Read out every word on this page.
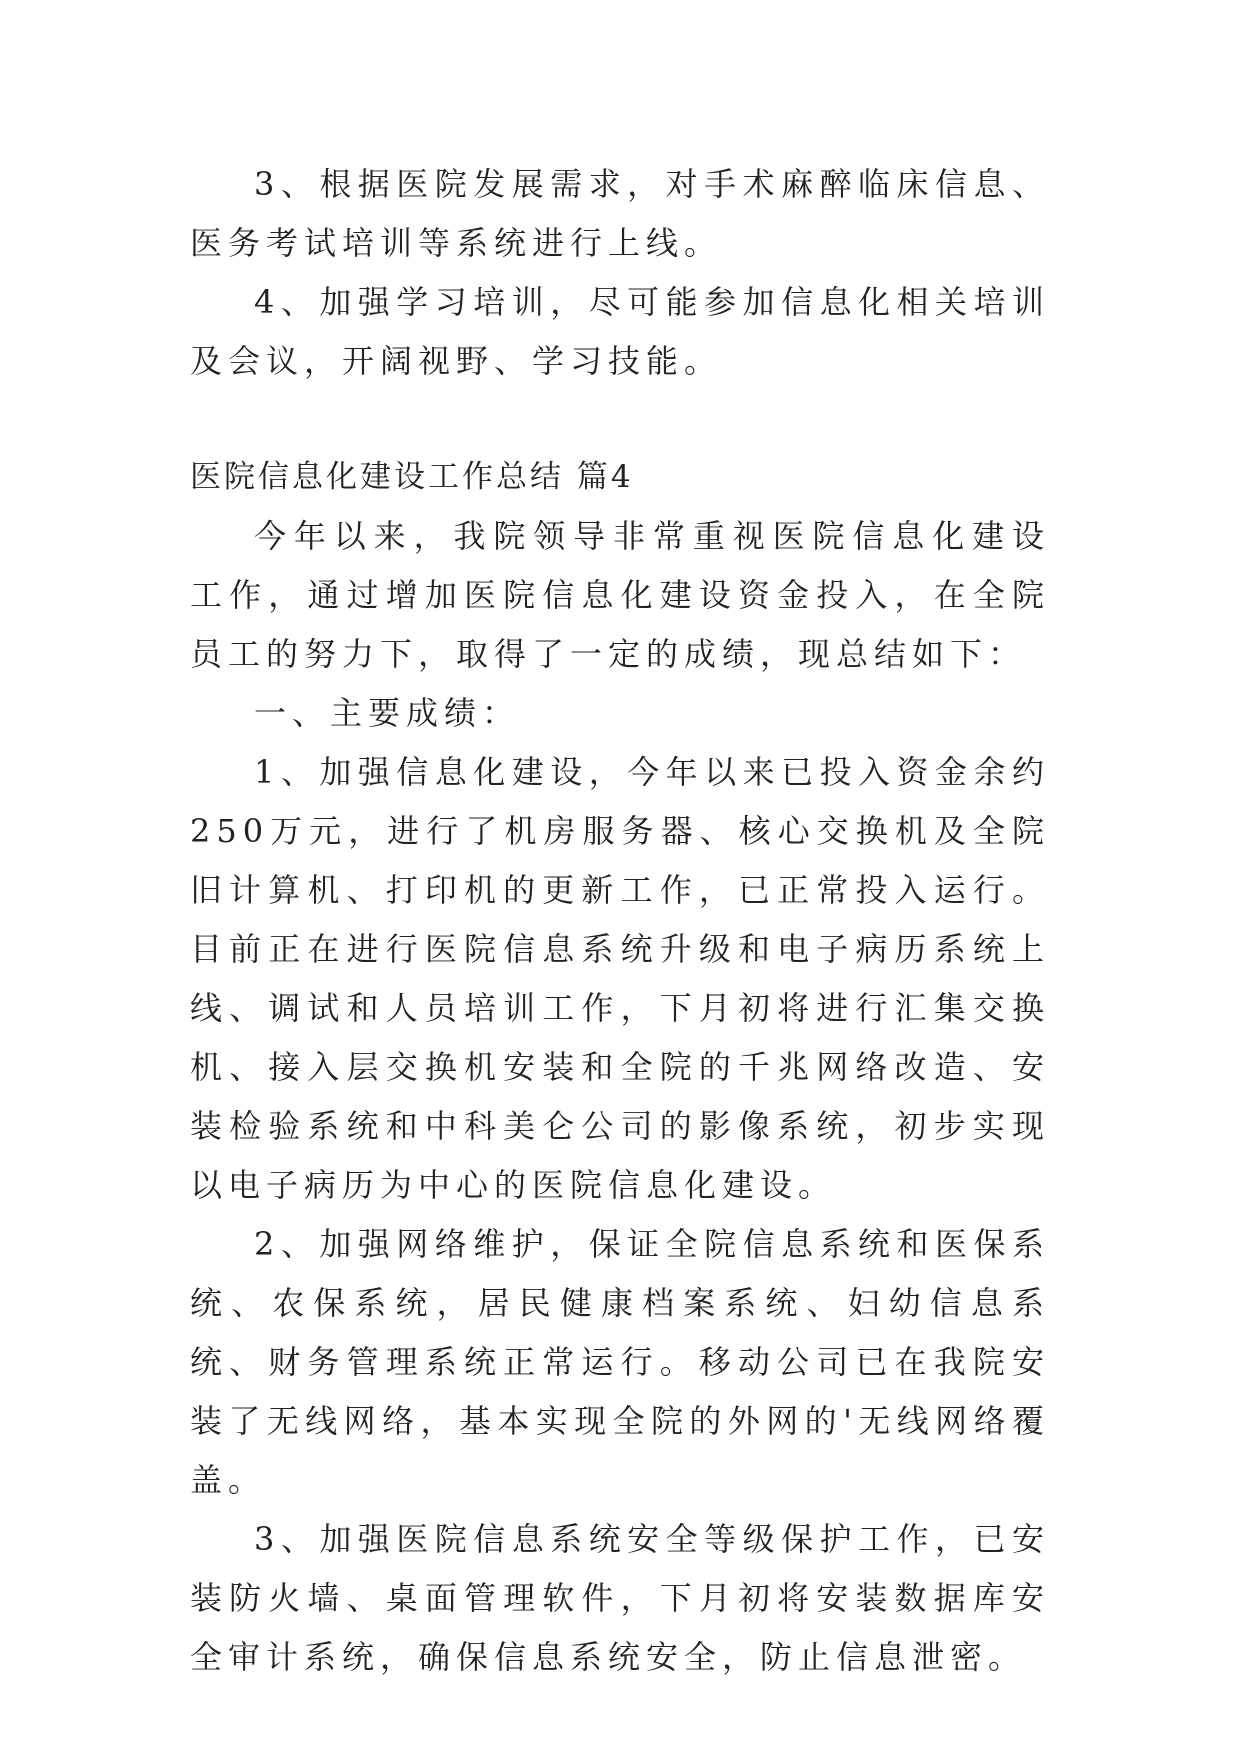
3、根据医院发展需求，对手术麻醉临床信息、医务考试培训等系统进行上线。

4、加强学习培训，尽可能参加信息化相关培训及会议，开阔视野、学习技能。

医院信息化建设工作总结 篇4

今年以来，我院领导非常重视医院信息化建设工作，通过增加医院信息化建设资金投入，在全院员工的努力下，取得了一定的成绩，现总结如下：

一、主要成绩：

1、加强信息化建设，今年以来已投入资金余约250万元，进行了机房服务器、核心交换机及全院旧计算机、打印机的更新工作，已正常投入运行。目前正在进行医院信息系统升级和电子病历系统上线、调试和人员培训工作，下月初将进行汇集交换机、接入层交换机安装和全院的千兆网络改造、安装检验系统和中科美仑公司的影像系统，初步实现以电子病历为中心的医院信息化建设。

2、加强网络维护，保证全院信息系统和医保系统、农保系统，居民健康档案系统、妇幼信息系统、财务管理系统正常运行。移动公司已在我院安装了无线网络，基本实现全院的外网的'无线网络覆盖。

3、加强医院信息系统安全等级保护工作，已安装防火墙、桌面管理软件，下月初将安装数据库安全审计系统，确保信息系统安全，防止信息泄密。
